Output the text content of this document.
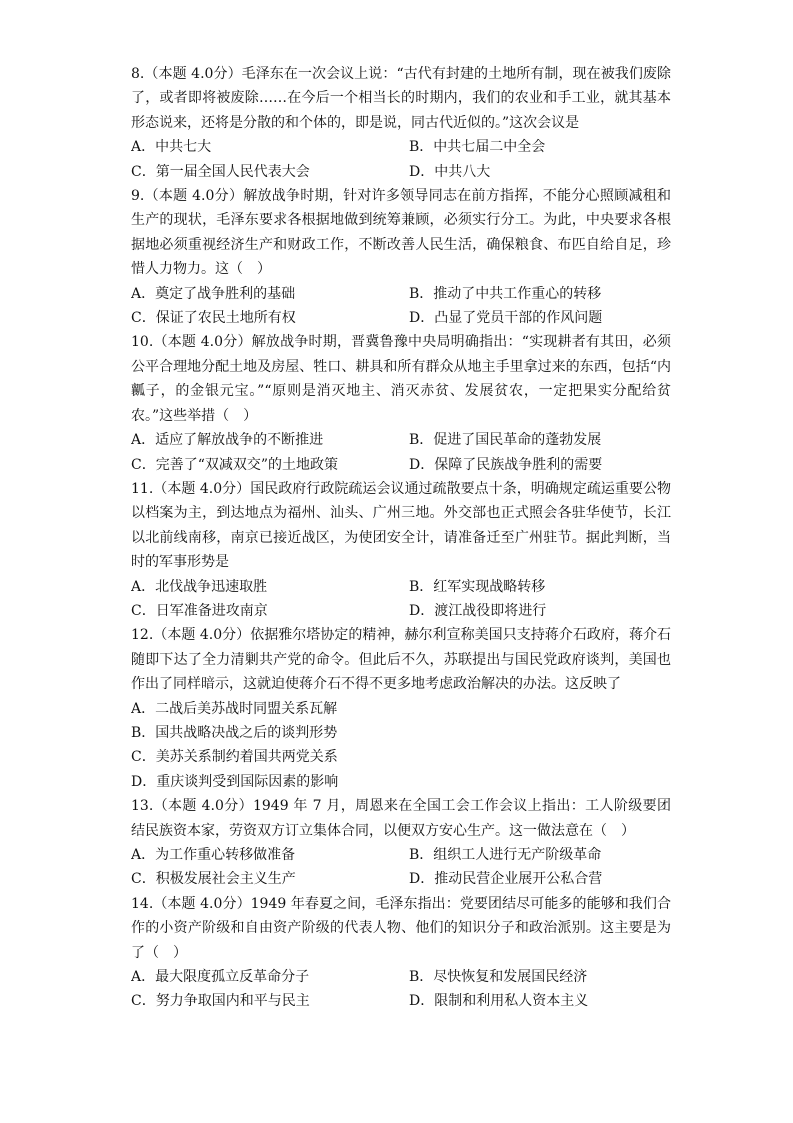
8.（本题 4.0分）毛泽东在一次会议上说：“古代有封建的土地所有制，现在被我们废除了，或者即将被废除……在今后一个相当长的时期内，我们的农业和手工业，就其基本形态说来，还将是分散的和个体的，即是说，同古代近似的。”这次会议是

A．中共七大	B．中共七届二中全会
C．第一届全国人民代表大会	D．中共八大

9.（本题 4.0分）解放战争时期，针对许多领导同志在前方指挥，不能分心照顾减租和生产的现状，毛泽东要求各根据地做到统筹兼顾，必须实行分工。为此，中央要求各根据地必须重视经济生产和财政工作，不断改善人民生活，确保粮食、布匹自给自足，珍惜人力物力。这（　）

A．奠定了战争胜利的基础	B．推动了中共工作重心的转移
C．保证了农民土地所有权	D．凸显了党员干部的作风问题

10.（本题 4.0分）解放战争时期，晋冀鲁豫中央局明确指出：“实现耕者有其田，必须公平合理地分配土地及房屋、牲口、耕具和所有群众从地主手里拿过来的东西，包括“内瓤子，的金银元宝。”“原则是消灭地主、消灭赤贫、发展贫农，一定把果实分配给贫农。”这些举措（　）

A．适应了解放战争的不断推进	B．促进了国民革命的蓬勃发展
C．完善了“双减双交”的土地政策	D．保障了民族战争胜利的需要

11.（本题 4.0分）国民政府行政院疏运会议通过疏散要点十条，明确规定疏运重要公物以档案为主，到达地点为福州、汕头、广州三地。外交部也正式照会各驻华使节，长江以北前线南移，南京已接近战区，为使团安全计，请准备迁至广州驻节。据此判断，当时的军事形势是

A．北伐战争迅速取胜	B．红军实现战略转移
C．日军准备进攻南京	D．渡江战役即将进行

12.（本题 4.0分）依据雅尔塔协定的精神，赫尔利宣称美国只支持蒋介石政府，蒋介石随即下达了全力清剿共产党的命令。但此后不久，苏联提出与国民党政府谈判，美国也作出了同样暗示，这就迫使蒋介石不得不更多地考虑政治解决的办法。这反映了

A．二战后美苏战时同盟关系瓦解
B．国共战略决战之后的谈判形势
C．美苏关系制约着国共两党关系
D．重庆谈判受到国际因素的影响

13.（本题 4.0分）1949 年 7 月，周恩来在全国工会工作会议上指出：工人阶级要团结民族资本家，劳资双方订立集体合同，以便双方安心生产。这一做法意在（　）

A．为工作重心转移做准备	B．组织工人进行无产阶级革命
C．积极发展社会主义生产	D．推动民营企业展开公私合营

14.（本题 4.0分）1949 年春夏之间，毛泽东指出：党要团结尽可能多的能够和我们合作的小资产阶级和自由资产阶级的代表人物、他们的知识分子和政治派别。这主要是为了（　）

A．最大限度孤立反革命分子	B．尽快恢复和发展国民经济
C．努力争取国内和平与民主	D．限制和利用私人资本主义
